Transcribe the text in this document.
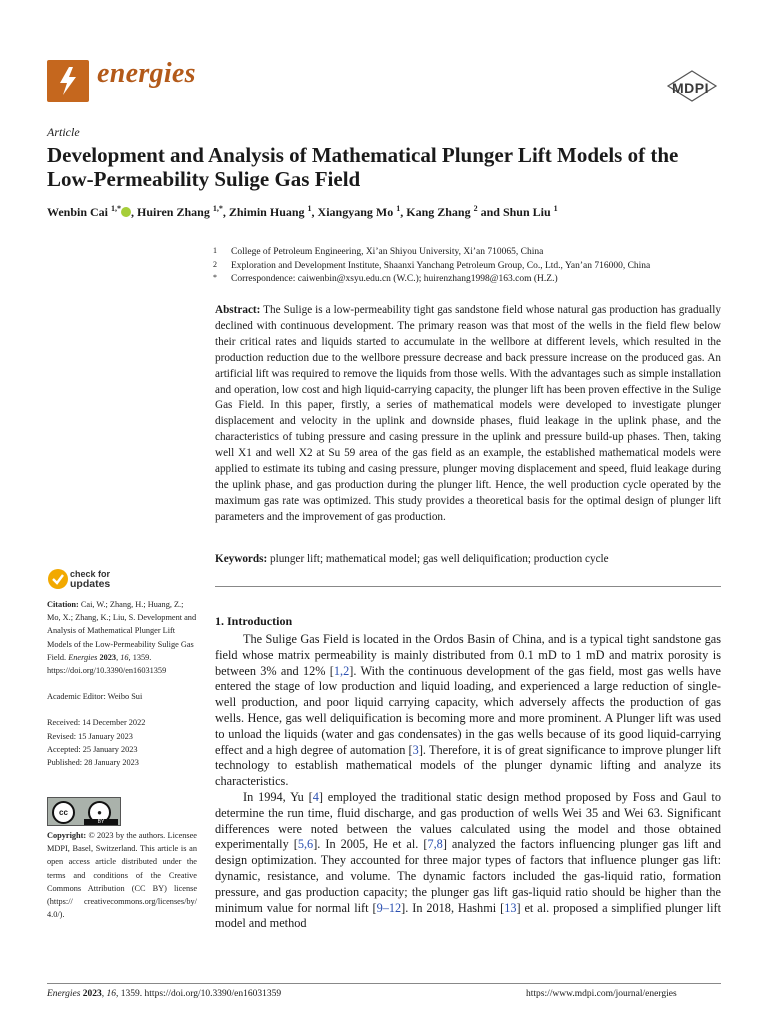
energies	MDPI
Article
Development and Analysis of Mathematical Plunger Lift Models of the Low-Permeability Sulige Gas Field
Wenbin Cai $^{1,*}$ , Huiren Zhang $^{1,*}$, Zhimin Huang $^1$, Xiangyang Mo $^1$, Kang Zhang $^2$ and Shun Liu $^1$
1 College of Petroleum Engineering, Xi’an Shiyou University, Xi’an 710065, China
2 Exploration and Development Institute, Shaanxi Yanchang Petroleum Group, Co., Ltd., Yan’an 716000, China
* Correspondence: caiwenbin@xsyu.edu.cn (W.C.); huirenzhang1998@163.com (H.Z.)
Abstract: The Sulige is a low-permeability tight gas sandstone field whose natural gas production has gradually declined with continuous development. The primary reason was that most of the wells in the field flew below their critical rates and liquids started to accumulate in the wellbore at different levels, which resulted in the production reduction due to the wellbore pressure decrease and back pressure increase on the produced gas. An artificial lift was required to remove the liquids from those wells. With the advantages such as simple installation and operation, low cost and high liquid-carrying capacity, the plunger lift has been proven effective in the Sulige Gas Field. In this paper, firstly, a series of mathematical models were developed to investigate plunger displacement and velocity in the uplink and downside phases, fluid leakage in the uplink phase, and the characteristics of tubing pressure and casing pressure in the uplink and pressure build-up phases. Then, taking well X1 and well X2 at Su 59 area of the gas field as an example, the established mathematical models were applied to estimate its tubing and casing pressure, plunger moving displacement and speed, fluid leakage during the uplink phase, and gas production during the plunger lift. Hence, the well production cycle operated by the maximum gas rate was optimized. This study provides a theoretical basis for the optimal design of plunger lift parameters and the improvement of gas production.
Keywords: plunger lift; mathematical model; gas well deliquification; production cycle
check for
updates

Citation: Cai, W.; Zhang, H.; Huang, Z.; Mo, X.; Zhang, K.; Liu, S. Development and Analysis of Mathematical Plunger Lift Models of the Low-Permeability Sulige Gas Field. Energies 2023, 16, 1359. https://doi.org/10.3390/en16031359

Academic Editor: Weibo Sui

Received: 14 December 2022

Revised: 15 January 2023

Accepted: 25 January 2023

Published: 28 January 2023

cc	●
BY

Copyright: © 2023 by the authors. Licensee MDPI, Basel, Switzerland. This article is an open access article distributed under the terms and conditions of the Creative Commons Attribution (CC BY) license (https:// creativecommons.org/licenses/by/ 4.0/).

1. Introduction

The Sulige Gas Field is located in the Ordos Basin of China, and is a typical tight sandstone gas field whose matrix permeability is mainly distributed from 0.1 mD to 1 mD and matrix porosity is between 3% and 12% [1,2]. With the continuous development of the gas field, most gas wells have entered the stage of low production and liquid loading, and experienced a large reduction of single-well production, and poor liquid carrying capacity, which adversely affects the production of gas wells. Hence, gas well deliquification is becoming more and more prominent. A Plunger lift was used to unload the liquids (water and gas condensates) in the gas wells because of its good liquid-carrying effect and a high degree of automation [3]. Therefore, it is of great significance to improve plunger lift technology to establish mathematical models of the plunger dynamic lifting and analyze its characteristics.

In 1994, Yu [4] employed the traditional static design method proposed by Foss and Gaul to determine the run time, fluid discharge, and gas production of wells Wei 35 and Wei 63. Significant differences were noted between the values calculated using the model and those obtained experimentally [5,6]. In 2005, He et al. [7,8] analyzed the factors influencing plunger gas lift and design optimization. They accounted for three major types of factors that influence plunger gas lift: dynamic, resistance, and volume. The dynamic factors included the gas-liquid ratio, formation pressure, and gas production capacity; the plunger gas lift gas-liquid ratio should be higher than the minimum value for normal lift [9–12]. In 2018, Hashmi [13] et al. proposed a simplified plunger lift model and method

Energies 2023, 16, 1359. https://doi.org/10.3390/en16031359	https://www.mdpi.com/journal/energies
